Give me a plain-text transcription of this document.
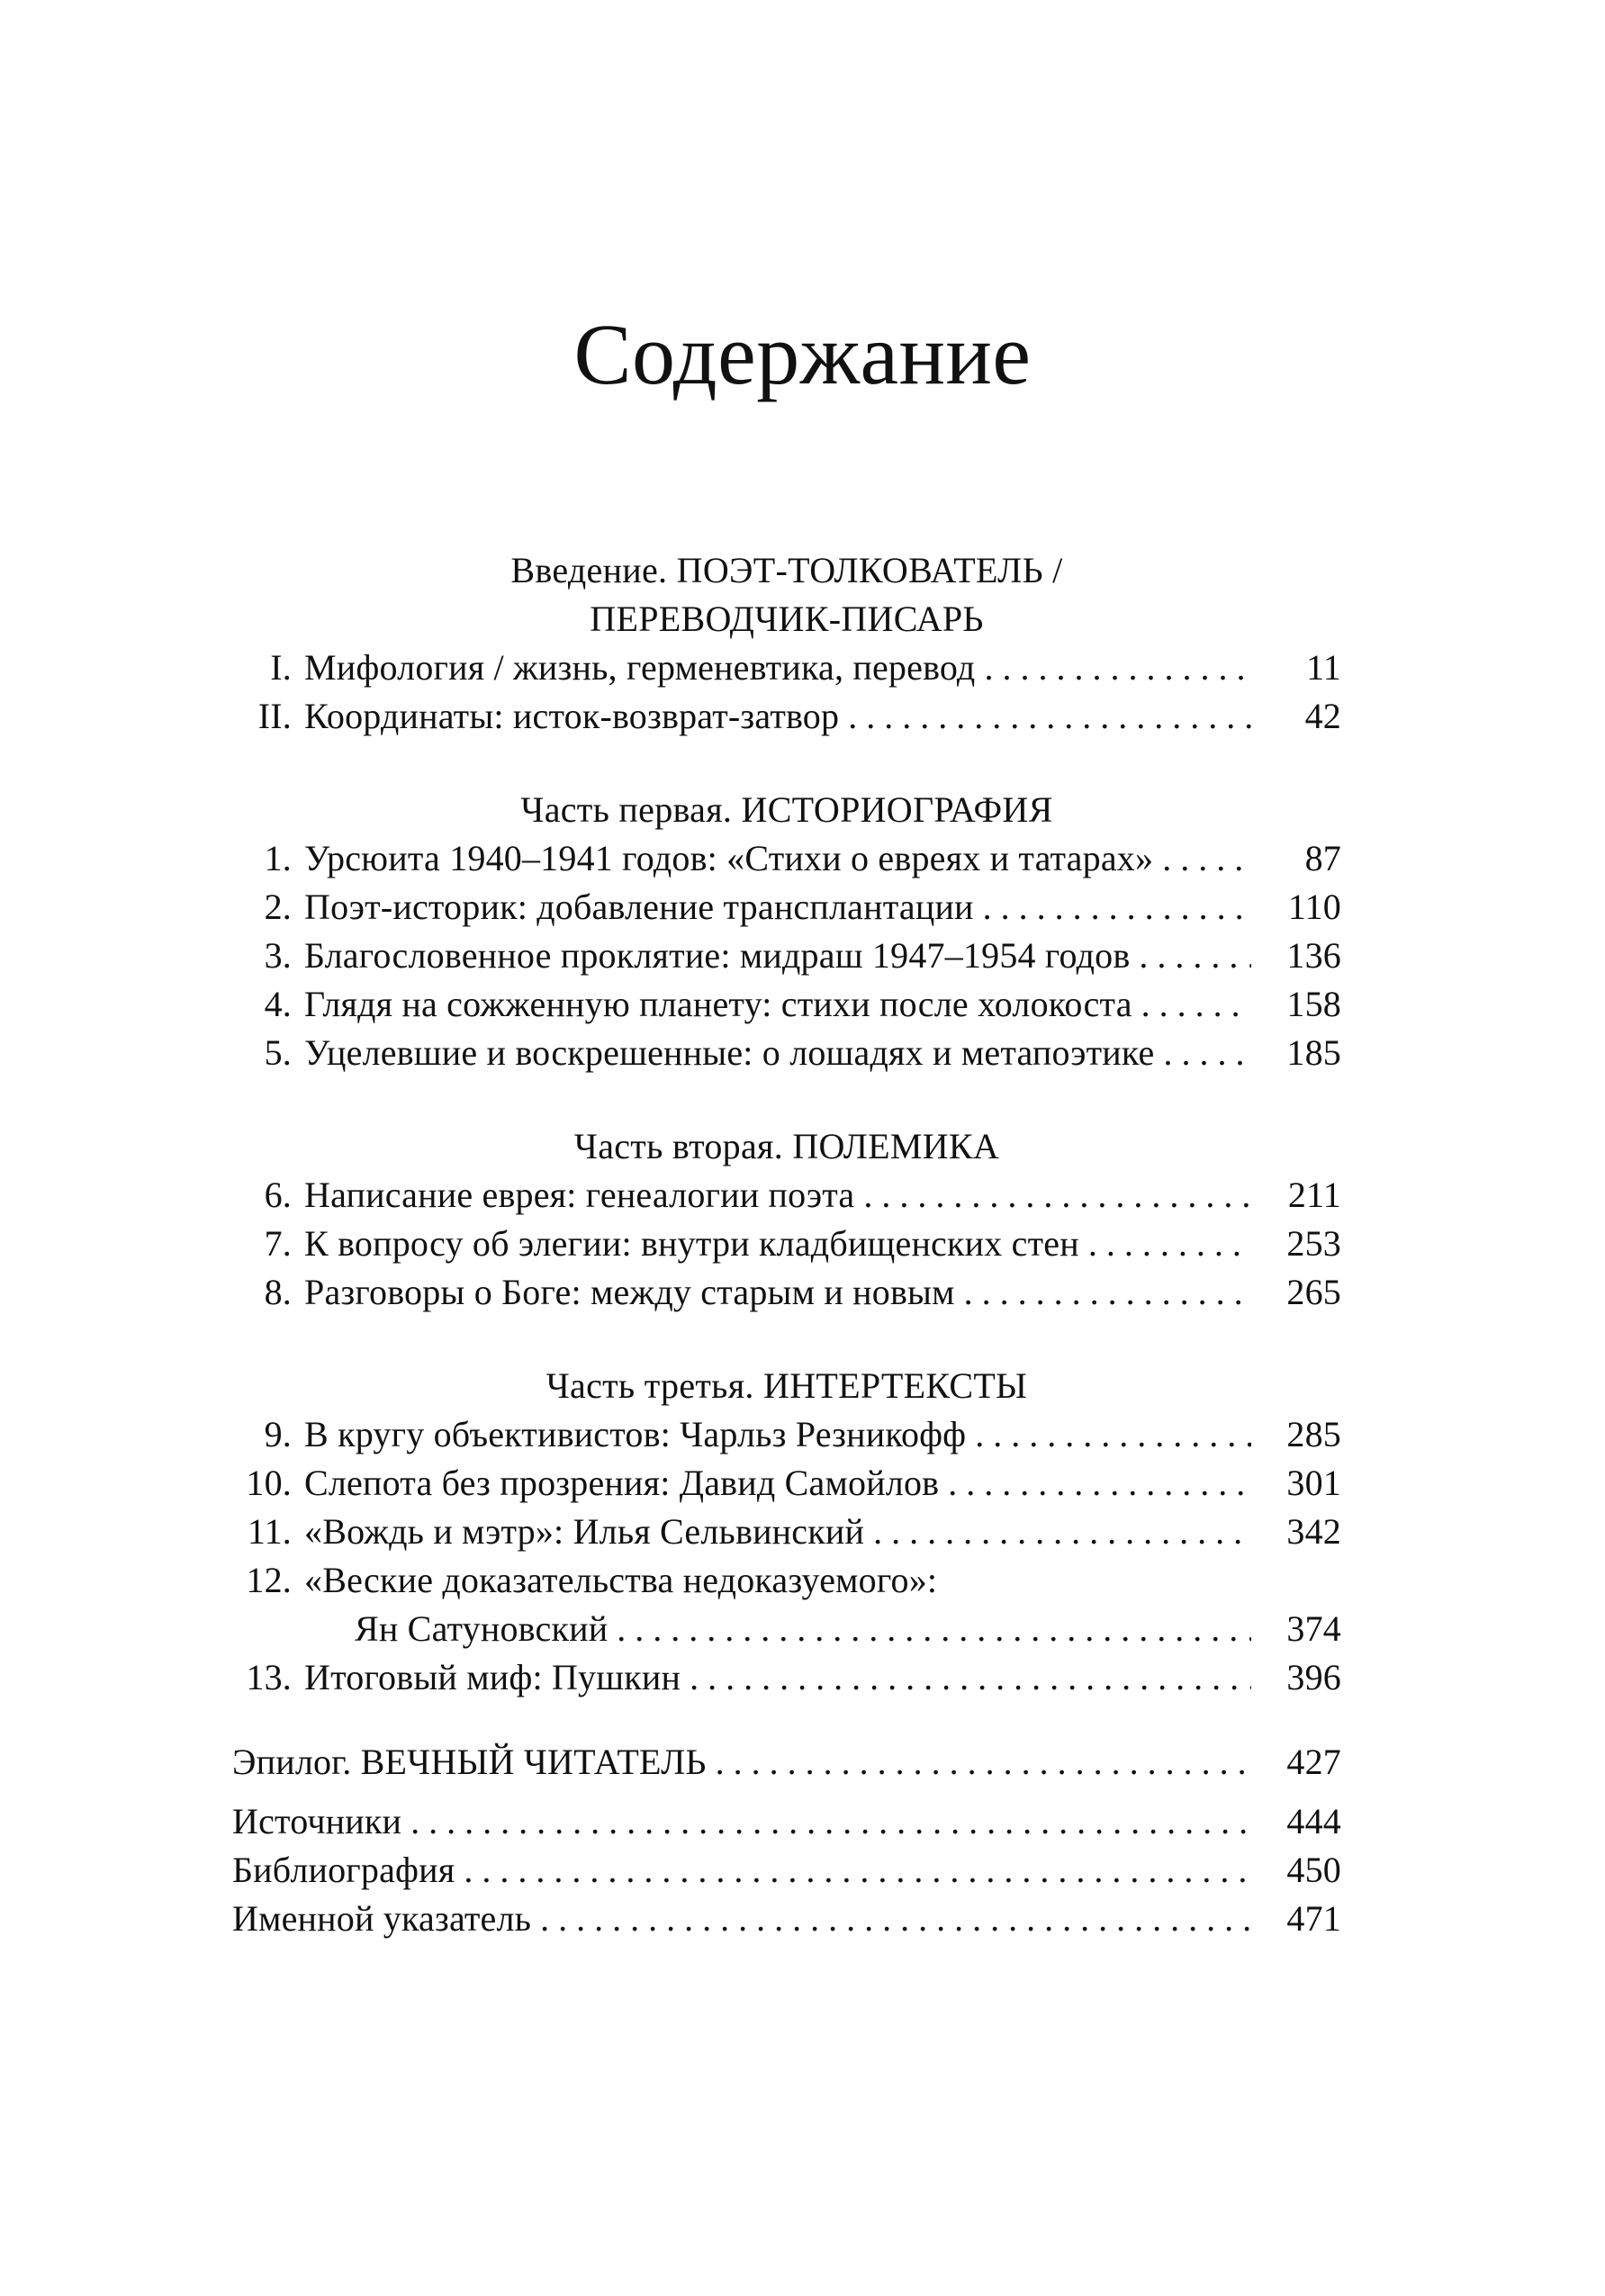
Содержание
Введение. ПОЭТ-ТОЛКОВАТЕЛЬ /
ПЕРЕВОДЧИК-ПИСАРЬ
I. Мифология / жизнь, герменевтика, перевод . . .	11
II. Координаты: исток-возврат-затвор . . .	42
Часть первая. ИСТОРИОГРАФИЯ
1. Урсюита 1940–1941 годов: «Стихи о евреях и татарах» . . .	87
2. Поэт-историк: добавление трансплантации . . .	110
3. Благословенное проклятие: мидраш 1947–1954 годов . . .	136
4. Глядя на сожженную планету: стихи после холокоста . . .	158
5. Уцелевшие и воскрешенные: о лошадях и метапоэтике . . .	185
Часть вторая. ПОЛЕМИКА
6. Написание еврея: генеалогии поэта . . .	211
7. К вопросу об элегии: внутри кладбищенских стен . . .	253
8. Разговоры о Боге: между старым и новым . . .	265
Часть третья. ИНТЕРТЕКСТЫ
9. В кругу объективистов: Чарльз Резникофф . . .	285
10. Слепота без прозрения: Давид Самойлов . . .	301
11. «Вождь и мэтр»: Илья Сельвинский . . .	342
12. «Веские доказательства недоказуемого»:
Ян Сатуновский . . .	374
13. Итоговый миф: Пушкин . . .	396
Эпилог. ВЕЧНЫЙ ЧИТАТЕЛЬ . . .	427
Источники . . .	444
Библиография . . .	450
Именной указатель . . .	471
